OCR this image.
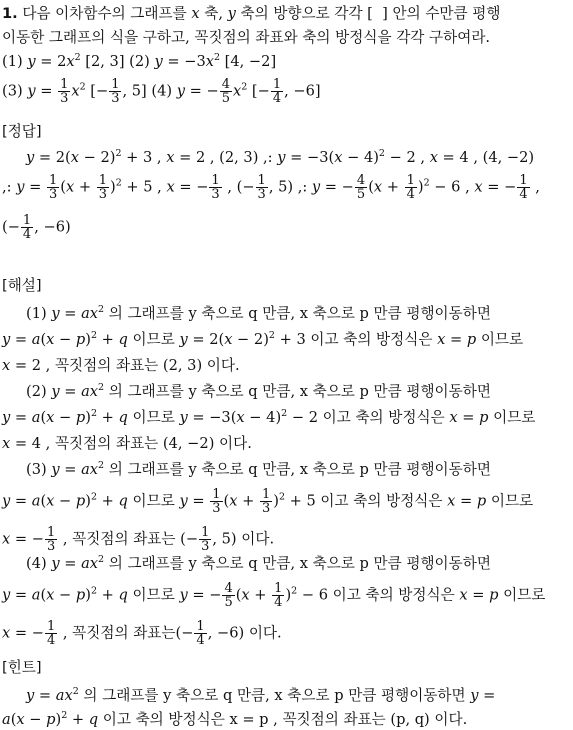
1. 다음 이차함수의 그래프를 x 축, y 축의 방향으로 각각 [  ] 안의 수만큼 평행
이동한 그래프의 식을 구하고, 꼭짓점의 좌표와 축의 방정식을 각각 구하여라.
(1) $y = 2x^2$ [2, 3] (2) $y = -3x^2$ [4, −2]
(3) $y = \frac{1}{3} x^2$ [− $\frac{1}{3}$ , 5] (4) y = − $\frac{4}{5} x^2$ [− $\frac{1}{4}$ , −6]
[정답]
$y = 2(x - 2)^2 + 3$ , x = 2 , (2, 3) ,: $y = -3(x - 4)^2 - 2$ , x = 4 , (4, −2)
,: $y = \frac{1}{3} (x + \frac{1}{3} )^2 + 5$ , x = − $\frac{1}{3}$ , (− $\frac{1}{3}$ , 5) ,: y = − $\frac{4}{5} (x + \frac{1}{4} )^2 - 6$ , x = − $\frac{1}{4}$ ,
(− $\frac{1}{4}$ , −6)
[해설]
(1) $y = ax^2$ 의 그래프를 y 축으로 q 만큼, x 축으로 p 만큼 평행이동하면
$y = a(x - p)^2 + q$ 이므로 $y = 2(x - 2)^2 + 3$ 이고 축의 방정식은 x = p 이므로
x = 2 , 꼭짓점의 좌표는 (2, 3) 이다.
(2) $y = ax^2$ 의 그래프를 y 축으로 q 만큼, x 축으로 p 만큼 평행이동하면
$y = a(x - p)^2 + q$ 이므로 $y = -3(x - 4)^2 - 2$ 이고 축의 방정식은 x = p 이므로
x = 4 , 꼭짓점의 좌표는 (4, −2) 이다.
(3) $y = ax^2$ 의 그래프를 y 축으로 q 만큼, x 축으로 p 만큼 평행이동하면
$y = a(x - p)^2 + q$ 이므로 $y = \frac{1}{3} (x + \frac{1}{3} )^2 + 5$ 이고 축의 방정식은 x = p 이므로
x = − $\frac{1}{3}$ , 꼭짓점의 좌표는 (− $\frac{1}{3}$ , 5) 이다.
(4) $y = ax^2$ 의 그래프를 y 축으로 q 만큼, x 축으로 p 만큼 평행이동하면
$y = a(x - p)^2 + q$ 이므로 y = − $\frac{4}{5} (x + \frac{1}{4} )^2 - 6$ 이고 축의 방정식은 x = p 이므로
x = − $\frac{1}{4}$ , 꼭짓점의 좌표는(− $\frac{1}{4}$ , −6) 이다.
[힌트]
$y = ax^2$ 의 그래프를 y 축으로 q 만큼, x 축으로 p 만큼 평행이동하면 y =
$a(x - p)^2 + q$ 이고 축의 방정식은 x = p , 꼭짓점의 좌표는 (p, q) 이다.
